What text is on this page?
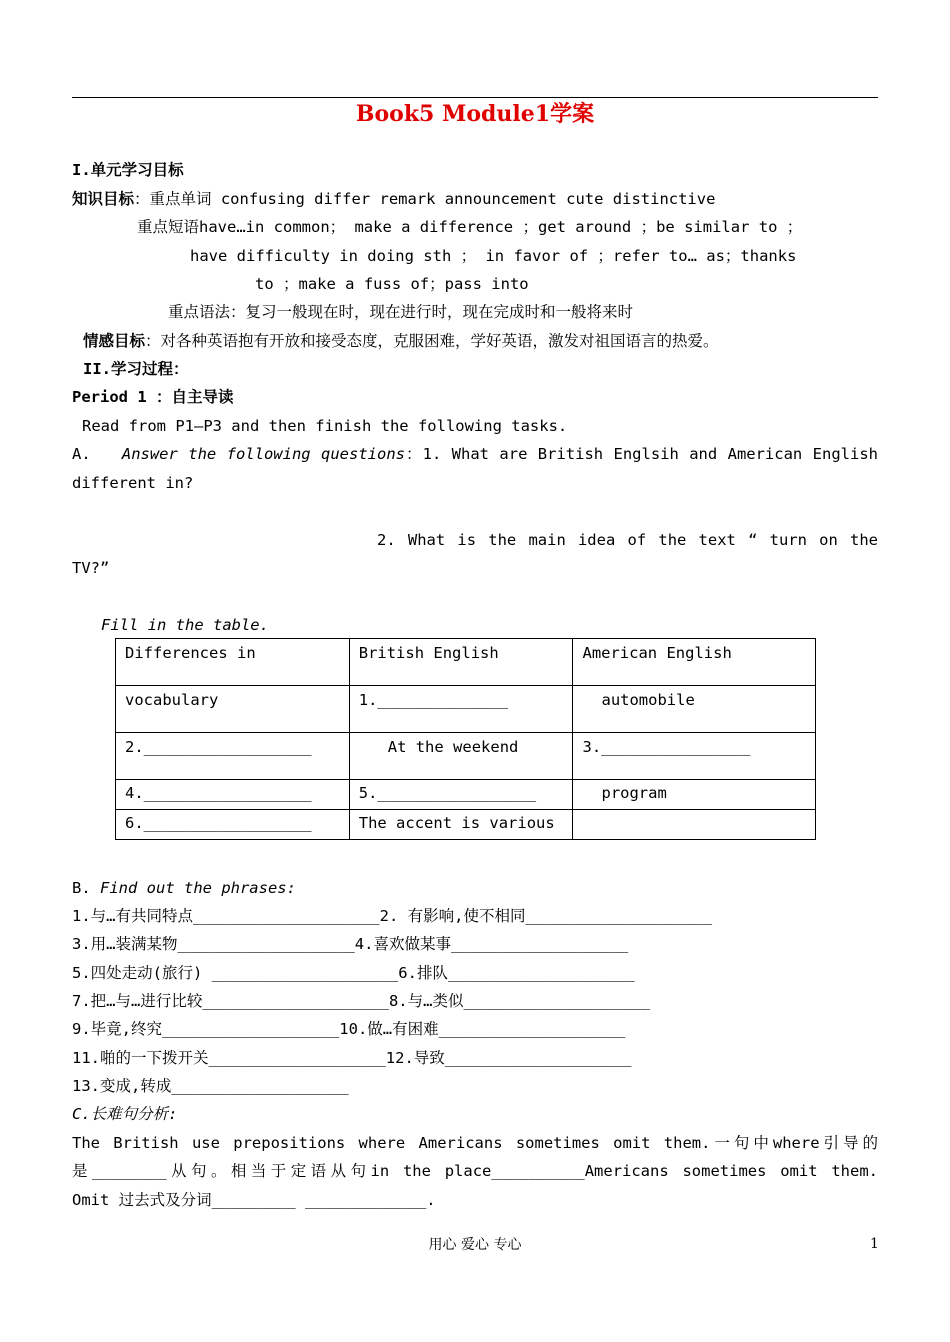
Book5 Module1学案
I.单元学习目标
知识目标：重点单词 confusing differ remark announcement cute distinctive
重点短语have…in common； make a difference ；get around ；be similar to ；
have difficulty in doing sth ； in favor of ；refer to… as；thanks
to ；make a fuss of；pass into
重点语法：复习一般现在时，现在进行时，现在完成时和一般将来时
情感目标：对各种英语抱有开放和接受态度，克服困难，学好英语，激发对祖国语言的热爱。
II.学习过程：
Period 1 ：自主导读
Read from P1—P3 and then finish the following tasks.
A. Answer the following questions：1. What are British Englsih and American English
different in?
2. What is the main idea of the text “ turn on the
TV?”
Fill in the table.
Differences in	British English	American English
vocabulary	1.______________	automobile
2.__________________	At the weekend	3.________________
4.__________________	5._________________	program
6.__________________	The accent is various	
B. Find out the phrases:
1.与…有共同特点____________________2. 有影响,使不相同____________________
3.用…装满某物___________________4.喜欢做某事___________________
5.四处走动(旅行) ____________________6.排队____________________
7.把…与…进行比较____________________8.与…类似____________________
9.毕竟,终究___________________10.做…有困难____________________
11.啪的一下拨开关___________________12.导致____________________
13.变成,转成___________________
C.长难句分析:
The British use prepositions where Americans sometimes omit them.一句中where引导的
是________从句。相当于定语从句in the place__________Americans sometimes omit them.
Omit 过去式及分词_________ _____________.
用心 爱心 专心	1
